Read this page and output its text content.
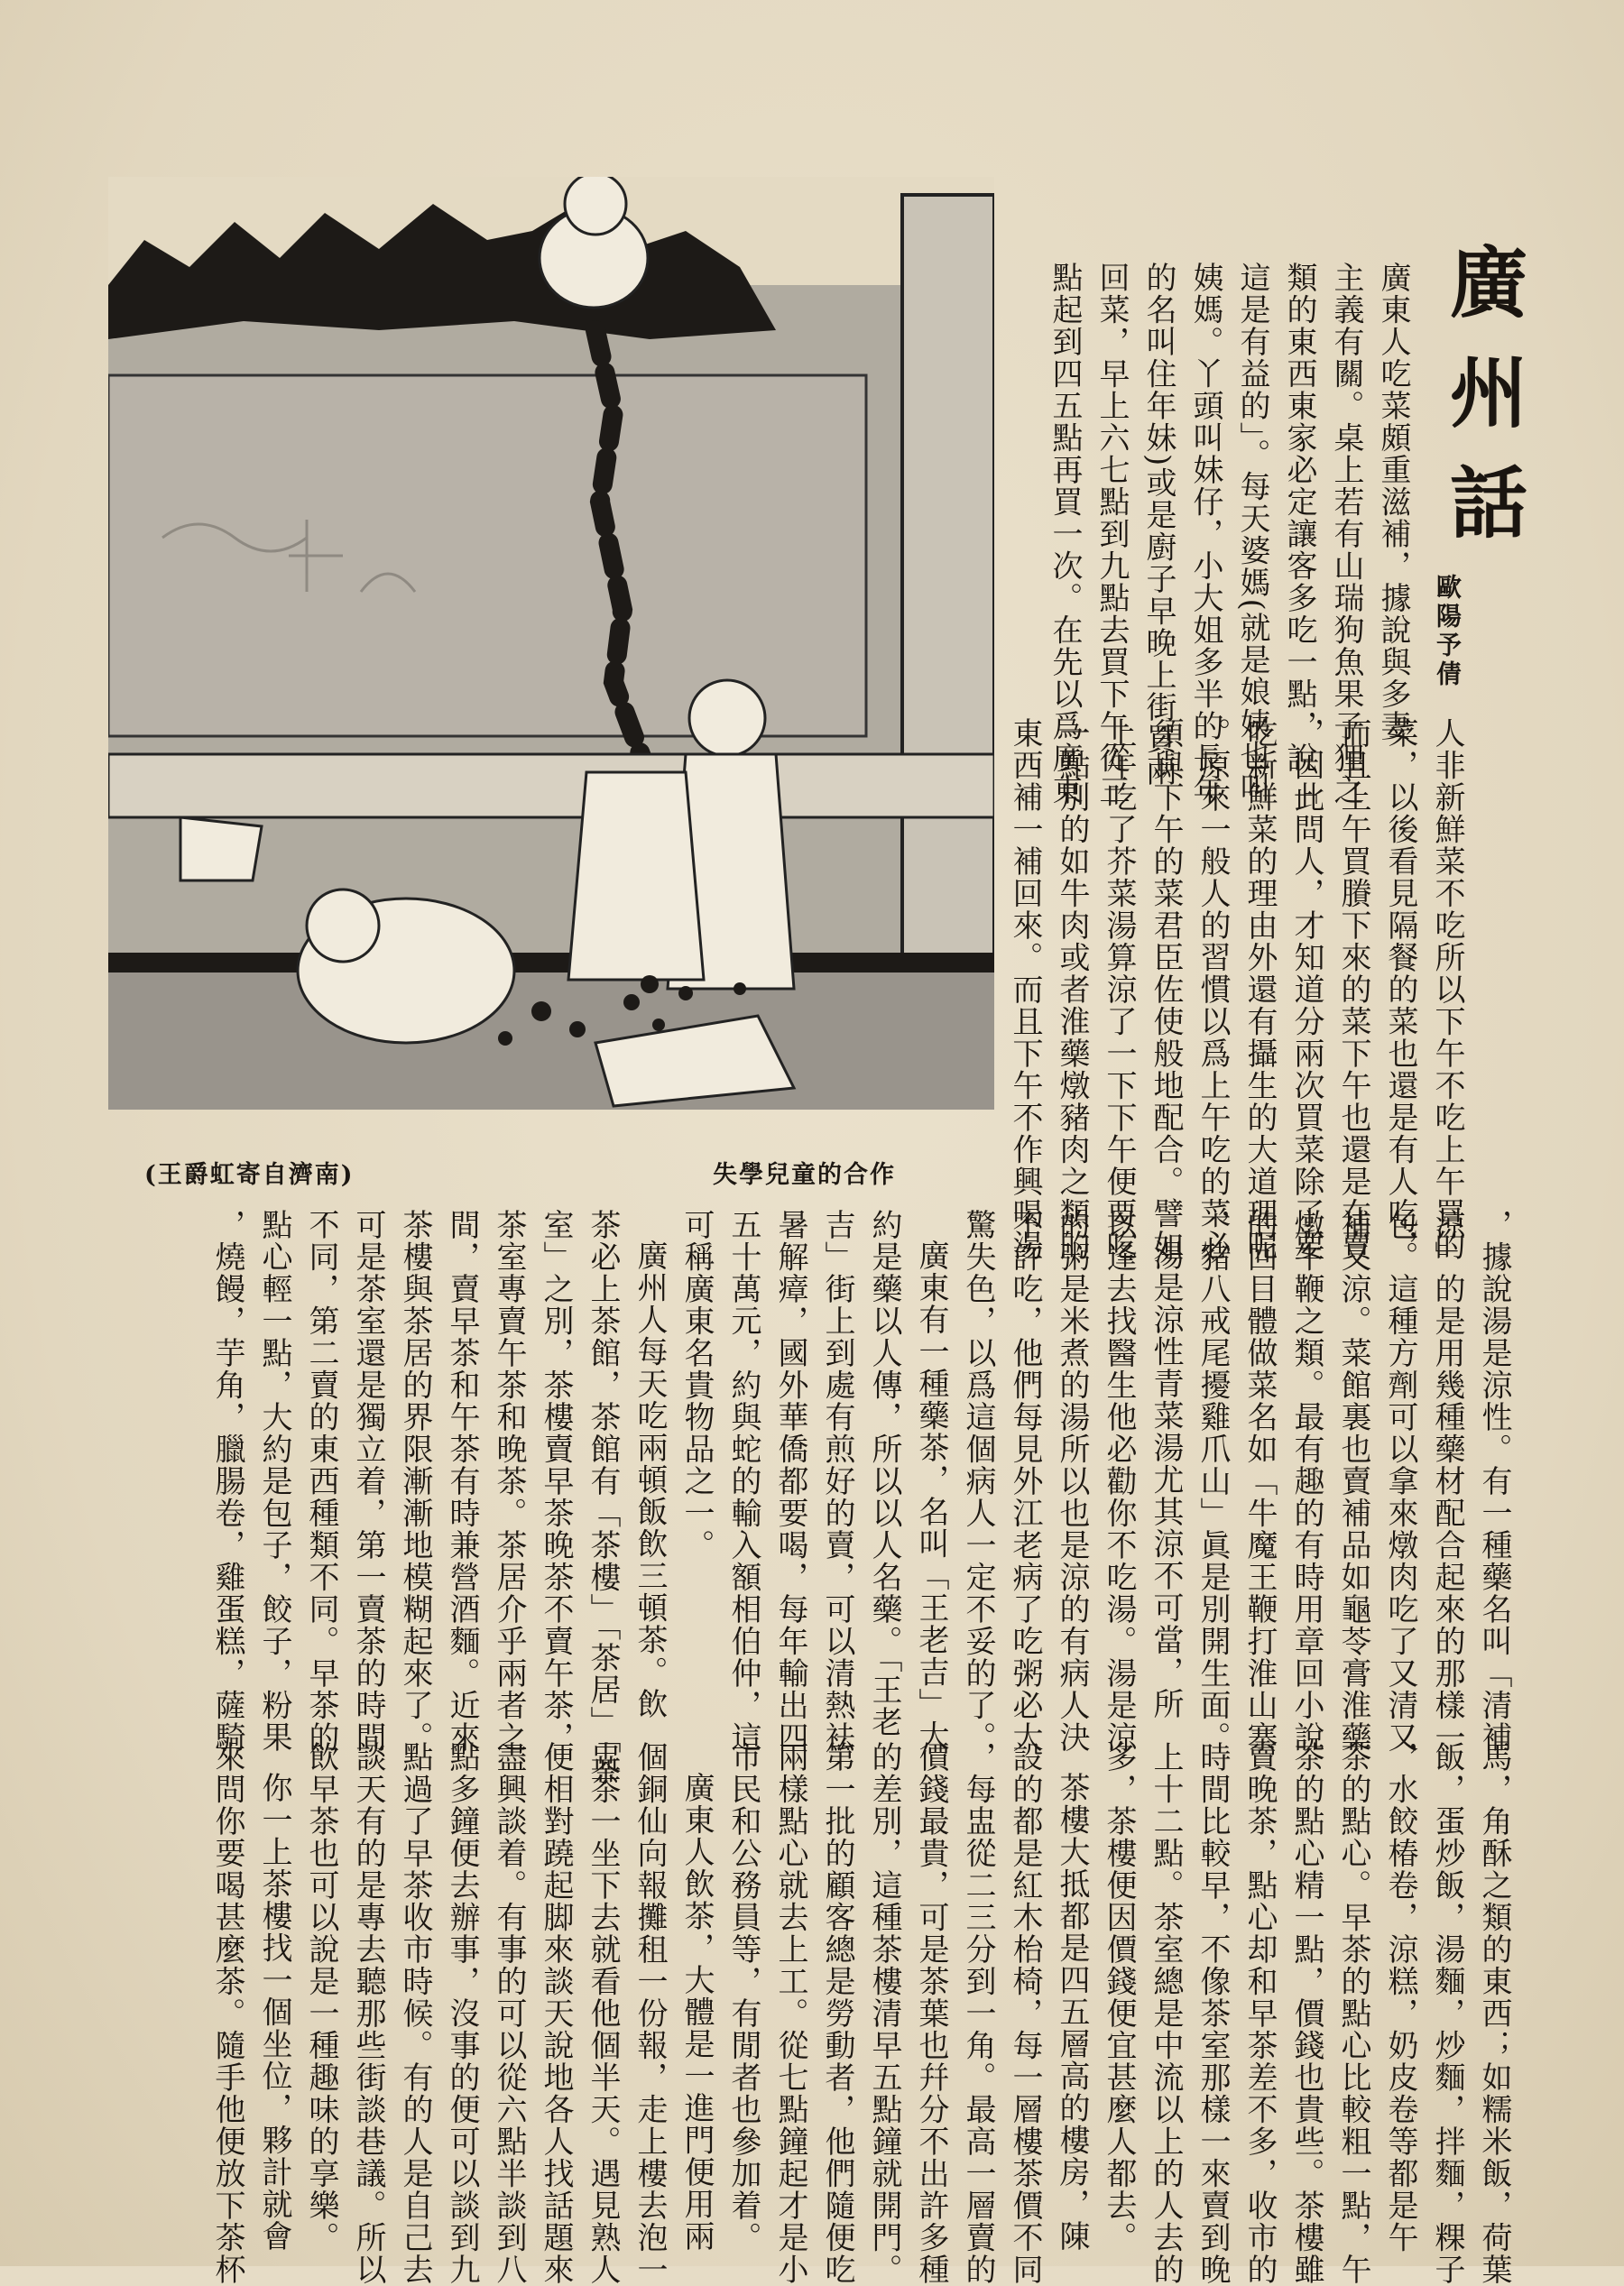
廣州話
歐陽予倩
(王爵虹寄自濟南)	失學兒童的合作	人非新鮮菜不吃所以下午不吃上午買的
菜，以後看見隔餐的菜也還是有人吃，
而且上午買賸下來的菜下午也還是在賣
，因此問人，才知道分兩次買菜除了要
吃新鮮菜的理由外還有攝生的大道理呢
。原來一般人的習慣以爲上午吃的菜必
須與下午的菜君臣佐使般地配合。譬如
上午吃了芥菜湯算涼了一下下午便要吃
一點別的如牛肉或者淮藥燉豬肉之類的
東西補一補回來。而且下午不作興喝湯
廣東人吃菜頗重滋補，據說與多妻
主義有關。桌上若有山瑞狗魚果子狸之
類的東西東家必定讓客多吃一點，說「
這是有益的」。每天婆媽(就是娘姨也叫
姨媽。丫頭叫妹仔，小大姐多半的長年
的名叫住年妹)或是廚子早晚上街買兩
回菜，早上六七點到九點去買下午從三
點起到四五點再買一次。在先以爲廣東
，據說湯是涼性。有一種藥名叫「清補
涼」的是用幾種藥材配合起來的那樣一
包。這種方劑可以拿來燉肉吃了又清又
補又涼。菜館裏也賣補品如龜苓膏淮藥
燉牛鞭之類。最有趣的有時用章回小說
的回目體做菜名如「牛魔王鞭打淮山寨
，豬八戒尾擾雞爪山」眞是別開生面。
湯是涼性青菜湯尤其涼不可當，所
以逢去找醫生他必勸你不吃湯。湯是涼
的粥是米煮的湯所以也是涼的有病人決
不許吃，他們每見外江老病了吃粥必大
驚失色，以爲這個病人一定不妥的了。
廣東有一種藥茶，名叫「王老吉」大
約是藥以人傳，所以以人名藥。「王老
吉」街上到處有煎好的賣，可以清熱袪
暑解瘴，國外華僑都要喝，每年輸出四
五十萬元，約與蛇的輸入額相伯仲，這
可稱廣東名貴物品之一。
廣州人每天吃兩頓飯飲三頓茶。飲
茶必上茶館，茶館有「茶樓」「茶居」「茶
室」之別，茶樓賣早茶晚茶不賣午茶，
茶室專賣午茶和晚茶。茶居介乎兩者之
間，賣早茶和午茶有時兼營酒麵。近來
茶樓與茶居的界限漸漸地模糊起來了。
可是茶室還是獨立着，第一賣茶的時間
不同，第二賣的東西種類不同。早茶的
點心輕一點，大約是包子，餃子，粉果
，燒饅，芋角，臘腸卷，雞蛋糕，薩騎
馬，角酥之類的東西；如糯米飯，荷葉
飯，蛋炒飯，湯麵，炒麵，拌麵，粿子
，水餃椿卷，涼糕，奶皮卷等都是午
茶的點心。早茶的點心比較粗一點，午
茶的點心精一點，價錢也貴些。茶樓雖
賣晚茶，點心却和早茶差不多，收市的
時間比較早，不像茶室那樣一來賣到晚
上十二點。茶室總是中流以上的人去的
多，茶樓便因價錢便宜甚麼人都去。
茶樓大抵都是四五層高的樓房，陳
設的都是紅木枱椅，每一層樓茶價不同
，每盅從二三分到一角。最高一層賣的
價錢最貴，可是茶葉也幷分不出許多種
的差別，這種茶樓清早五點鐘就開門。
第一批的顧客總是勞動者，他們隨便吃
兩樣點心就去上工。從七點鐘起才是小
市民和公務員等，有閒者也參加着。
廣東人飲茶，大體是一進門便用兩
個銅仙向報攤租一份報，走上樓去泡一
盅茶一坐下去就看他個半天。遇見熟人
便相對蹺起脚來談天說地各人找話題來
盡興談着。有事的可以從六點半談到八
點多鐘便去辦事，沒事的便可以談到九
點過了早茶收市時候。有的人是自己去
談天有的是專去聽那些街談巷議。所以
飲早茶也可以說是一種趣味的享樂。
你一上茶樓找一個坐位，夥計就會
來問你要喝甚麼茶。隨手他便放下茶杯
